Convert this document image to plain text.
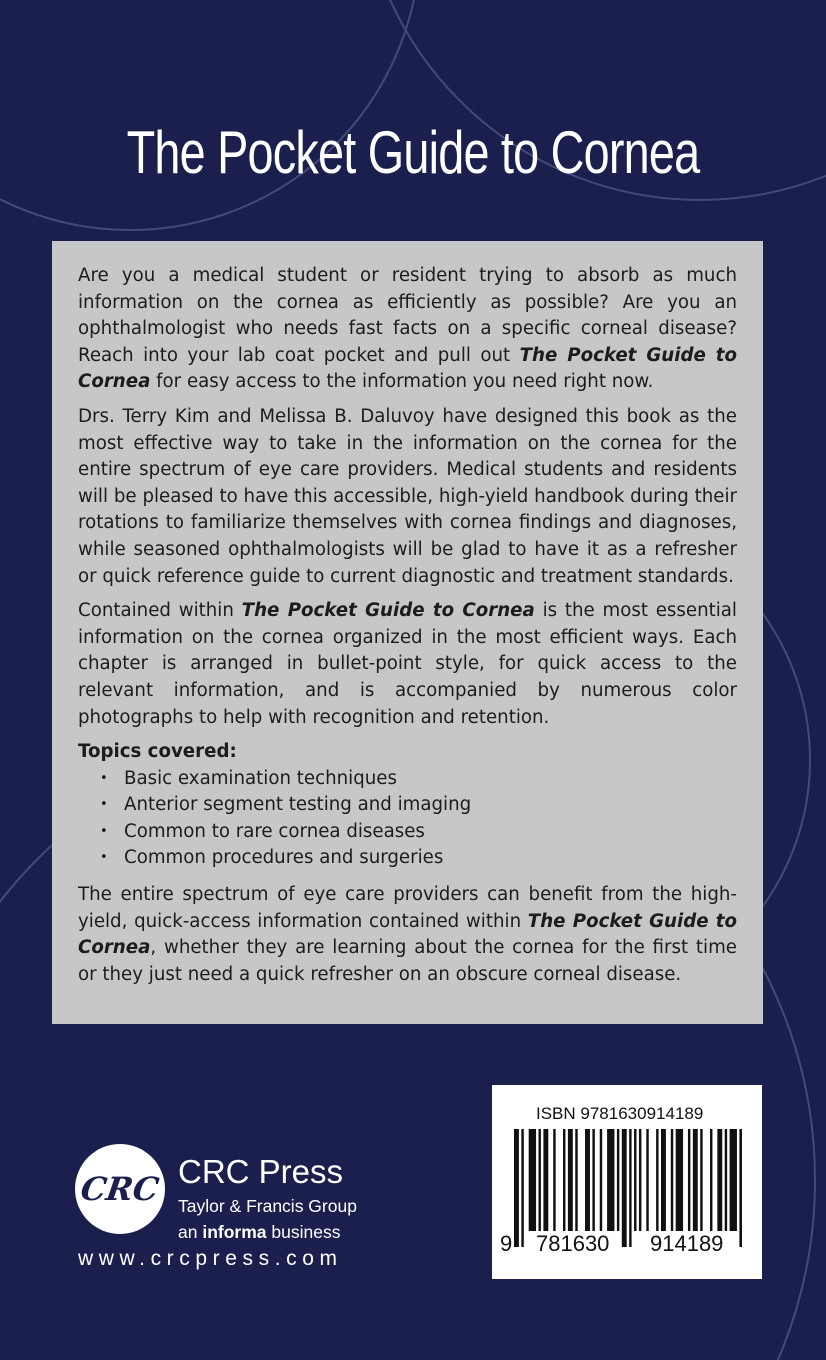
The Pocket Guide to Cornea

Are you a medical student or resident trying to absorb as much information on the cornea as efficiently as possible? Are you an ophthalmologist who needs fast facts on a specific corneal disease? Reach into your lab coat pocket and pull out The Pocket Guide to Cornea for easy access to the information you need right now.

Drs. Terry Kim and Melissa B. Daluvoy have designed this book as the most effective way to take in the information on the cornea for the entire spectrum of eye care providers. Medical students and residents will be pleased to have this accessible, high-yield handbook during their rotations to familiarize themselves with cornea findings and diagnoses, while seasoned ophthalmologists will be glad to have it as a refresher or quick reference guide to current diagnostic and treatment standards.

Contained within The Pocket Guide to Cornea is the most essential information on the cornea organized in the most efficient ways. Each chapter is arranged in bullet-point style, for quick access to the relevant information, and is accompanied by numerous color photographs to help with recognition and retention.

Topics covered:
• Basic examination techniques
• Anterior segment testing and imaging
• Common to rare cornea diseases
• Common procedures and surgeries

The entire spectrum of eye care providers can benefit from the high-yield, quick-access information contained within The Pocket Guide to Cornea, whether they are learning about the cornea for the first time or they just need a quick refresher on an obscure corneal disease.

CRC CRC Press
Taylor & Francis Group
an informa business
www.crcpress.com
ISBN 9781630914189
9 781630 914189
